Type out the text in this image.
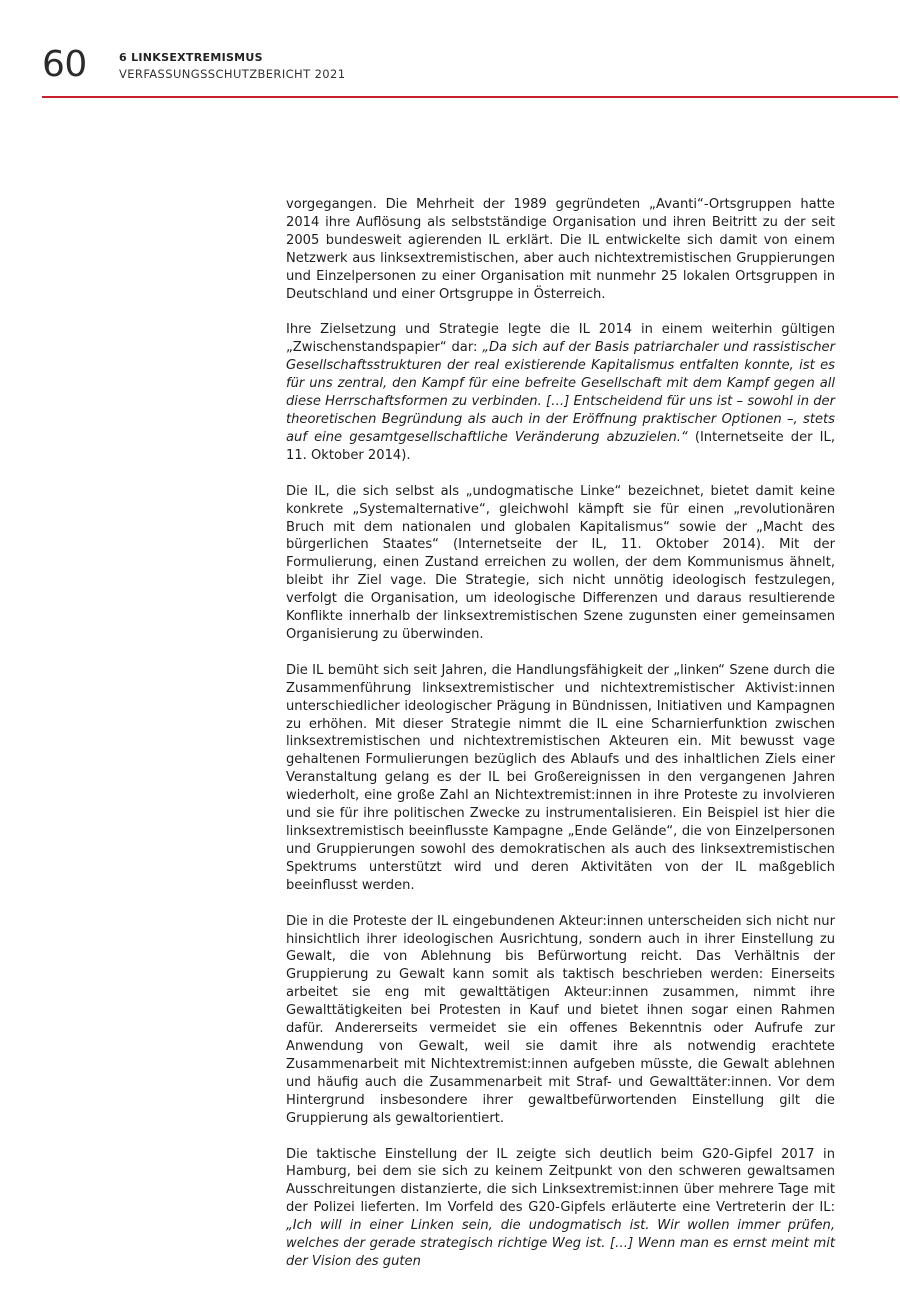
60	6 LINKSEXTREMISMUS
VERFASSUNGSSCHUTZBERICHT 2021

vorgegangen. Die Mehrheit der 1989 gegründeten „Avanti“-Ortsgruppen hatte 2014 ihre Auflösung als selbstständige Organisation und ihren Beitritt zu der seit 2005 bundesweit agierenden IL erklärt. Die IL entwickelte sich damit von einem Netzwerk aus linksextremistischen, aber auch nichtextremistischen Gruppierungen und Einzelpersonen zu einer Organisation mit nunmehr 25 lokalen Ortsgruppen in Deutschland und einer Ortsgruppe in Österreich.

Ihre Zielsetzung und Strategie legte die IL 2014 in einem weiterhin gültigen „Zwischenstandspapier“ dar: „Da sich auf der Basis patriarchaler und rassistischer Gesellschaftsstrukturen der real existierende Kapitalismus entfalten konnte, ist es für uns zentral, den Kampf für eine befreite Gesellschaft mit dem Kampf gegen all diese Herrschaftsformen zu verbinden. […] Entscheidend für uns ist – sowohl in der theoretischen Begründung als auch in der Eröffnung praktischer Optionen –, stets auf eine gesamtgesellschaftliche Veränderung abzuzielen.“ (Internetseite der IL, 11. Oktober 2014).

Die IL, die sich selbst als „undogmatische Linke“ bezeichnet, bietet damit keine konkrete „Systemalternative“, gleichwohl kämpft sie für einen „revolutionären Bruch mit dem nationalen und globalen Kapitalismus“ sowie der „Macht des bürgerlichen Staates“ (Internetseite der IL, 11. Oktober 2014). Mit der Formulierung, einen Zustand erreichen zu wollen, der dem Kommunismus ähnelt, bleibt ihr Ziel vage. Die Strategie, sich nicht unnötig ideologisch festzulegen, verfolgt die Organisation, um ideologische Differenzen und daraus resultierende Konflikte innerhalb der linksextremistischen Szene zugunsten einer gemeinsamen Organisierung zu überwinden.

Die IL bemüht sich seit Jahren, die Handlungsfähigkeit der „linken“ Szene durch die Zusammenführung linksextremistischer und nichtextremistischer Aktivist:innen unterschiedlicher ideologischer Prägung in Bündnissen, Initiativen und Kampagnen zu erhöhen. Mit dieser Strategie nimmt die IL eine Scharnierfunktion zwischen linksextremistischen und nichtextremistischen Akteuren ein. Mit bewusst vage gehaltenen Formulierungen bezüglich des Ablaufs und des inhaltlichen Ziels einer Veranstaltung gelang es der IL bei Großereignissen in den vergangenen Jahren wiederholt, eine große Zahl an Nichtextremist:innen in ihre Proteste zu involvieren und sie für ihre politischen Zwecke zu instrumentalisieren. Ein Beispiel ist hier die linksextremistisch beeinflusste Kampagne „Ende Gelände“, die von Einzelpersonen und Gruppierungen sowohl des demokratischen als auch des linksextremistischen Spektrums unterstützt wird und deren Aktivitäten von der IL maßgeblich beeinflusst werden.

Die in die Proteste der IL eingebundenen Akteur:innen unterscheiden sich nicht nur hinsichtlich ihrer ideologischen Ausrichtung, sondern auch in ihrer Einstellung zu Gewalt, die von Ablehnung bis Befürwortung reicht. Das Verhältnis der Gruppierung zu Gewalt kann somit als taktisch beschrieben werden: Einerseits arbeitet sie eng mit gewalttätigen Akteur:innen zusammen, nimmt ihre Gewalttätigkeiten bei Protesten in Kauf und bietet ihnen sogar einen Rahmen dafür. Andererseits vermeidet sie ein offenes Bekenntnis oder Aufrufe zur Anwendung von Gewalt, weil sie damit ihre als notwendig erachtete Zusammenarbeit mit Nichtextremist:innen aufgeben müsste, die Gewalt ablehnen und häufig auch die Zusammenarbeit mit Straf- und Gewalttäter:innen. Vor dem Hintergrund insbesondere ihrer gewaltbefürwortenden Einstellung gilt die Gruppierung als gewaltorientiert.

Die taktische Einstellung der IL zeigte sich deutlich beim G20-Gipfel 2017 in Hamburg, bei dem sie sich zu keinem Zeitpunkt von den schweren gewaltsamen Ausschreitungen distanzierte, die sich Linksextremist:innen über mehrere Tage mit der Polizei lieferten. Im Vorfeld des G20-Gipfels erläuterte eine Vertreterin der IL: „Ich will in einer Linken sein, die undogmatisch ist. Wir wollen immer prüfen, welches der gerade strategisch richtige Weg ist. […] Wenn man es ernst meint mit der Vision des guten
